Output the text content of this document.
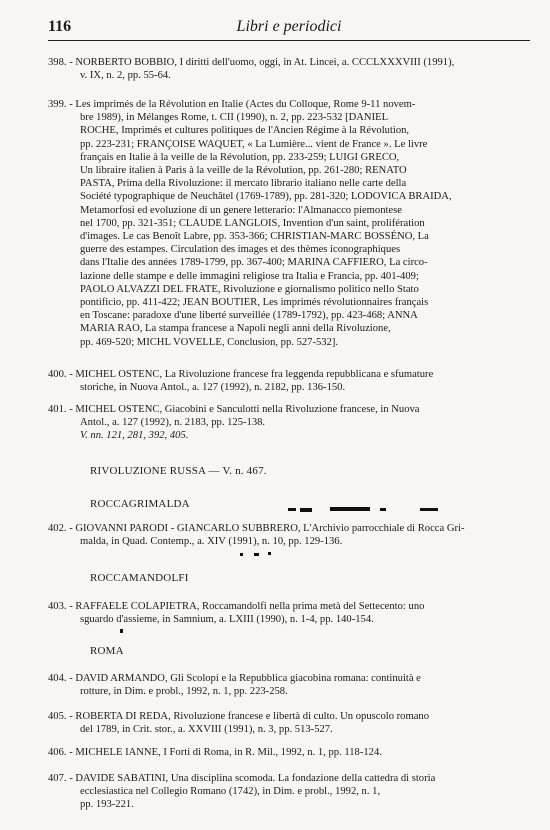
116	Libri e periodici
398. - NORBERTO BOBBIO, I diritti dell'uomo, oggi, in At. Lincei, a. CCCLXXXVIII (1991),
v. IX, n. 2, pp. 55-64.
399. - Les imprimés de la Révolution en Italie (Actes du Colloque, Rome 9-11 novem-
bre 1989), in Mélanges Rome, t. CII (1990), n. 2, pp. 223-532 [DANIEL
ROCHE, Imprimés et cultures politiques de l'Ancien Régime à la Révolution,
pp. 223-231; FRANÇOISE WAQUET, « La Lumière... vient de France ». Le livre
français en Italie à la veille de la Révolution, pp. 233-259; LUIGI GRECO,
Un libraire italien à Paris à la veille de la Révolution, pp. 261-280; RENATO
PASTA, Prima della Rivoluzione: il mercato librario italiano nelle carte della
Société typographique de Neuchâtel (1769-1789), pp. 281-320; LODOVICA BRAIDA,
Metamorfosi ed evoluzione di un genere letterario: l'Almanacco piemontese
nel 1700, pp. 321-351; CLAUDE LANGLOIS, Invention d'un saint, prolifération
d'images. Le cas Benoît Labre, pp. 353-366; CHRISTIAN-MARC BOSSÉNO, La
guerre des estampes. Circulation des images et des thèmes iconographiques
dans l'Italie des années 1789-1799, pp. 367-400; MARINA CAFFIERO, La circo-
lazione delle stampe e delle immagini religiose tra Italia e Francia, pp. 401-409;
PAOLO ALVAZZI DEL FRATE, Rivoluzione e giornalismo politico nello Stato
pontificio, pp. 411-422; JEAN BOUTIER, Les imprimés révolutionnaires français
en Toscane: paradoxe d'une liberté surveillée (1789-1792), pp. 423-468; ANNA
MARIA RAO, La stampa francese a Napoli negli anni della Rivoluzione,
pp. 469-520; MICHL VOVELLE, Conclusion, pp. 527-532].
400. - MICHEL OSTENC, La Rivoluzione francese fra leggenda repubblicana e sfumature
storiche, in Nuova Antol., a. 127 (1992), n. 2182, pp. 136-150.
401. - MICHEL OSTENC, Giacobini e Sanculotti nella Rivoluzione francese, in Nuova
Antol., a. 127 (1992), n. 2183, pp. 125-138.
V. nn. 121, 281, 392, 405.
RIVOLUZIONE RUSSA — V. n. 467.
ROCCAGRIMALDA
402. - GIOVANNI PARODI - GIANCARLO SUBBRERO, L'Archivio parrocchiale di Rocca Gri-
malda, in Quad. Contemp., a. XIV (1991), n. 10, pp. 129-136.
ROCCAMANDOLFI
403. - RAFFAELE COLAPIETRA, Roccamandolfi nella prima metà del Settecento: uno
sguardo d'assieme, in Samnium, a. LXIII (1990), n. 1-4, pp. 140-154.
ROMA
404. - DAVID ARMANDO, Gli Scolopi e la Repubblica giacobina romana: continuità e
rotture, in Dim. e probl., 1992, n. 1, pp. 223-258.
405. - ROBERTA DI REDA, Rivoluzione francese e libertà di culto. Un opuscolo romano
del 1789, in Crit. stor., a. XXVIII (1991), n. 3, pp. 513-527.
406. - MICHELE IANNE, I Forti di Roma, in R. Mil., 1992, n. 1, pp. 118-124.
407. - DAVIDE SABATINI, Una disciplina scomoda. La fondazione della cattedra di storia
ecclesiastica nel Collegio Romano (1742), in Dim. e probl., 1992, n. 1,
pp. 193-221.
